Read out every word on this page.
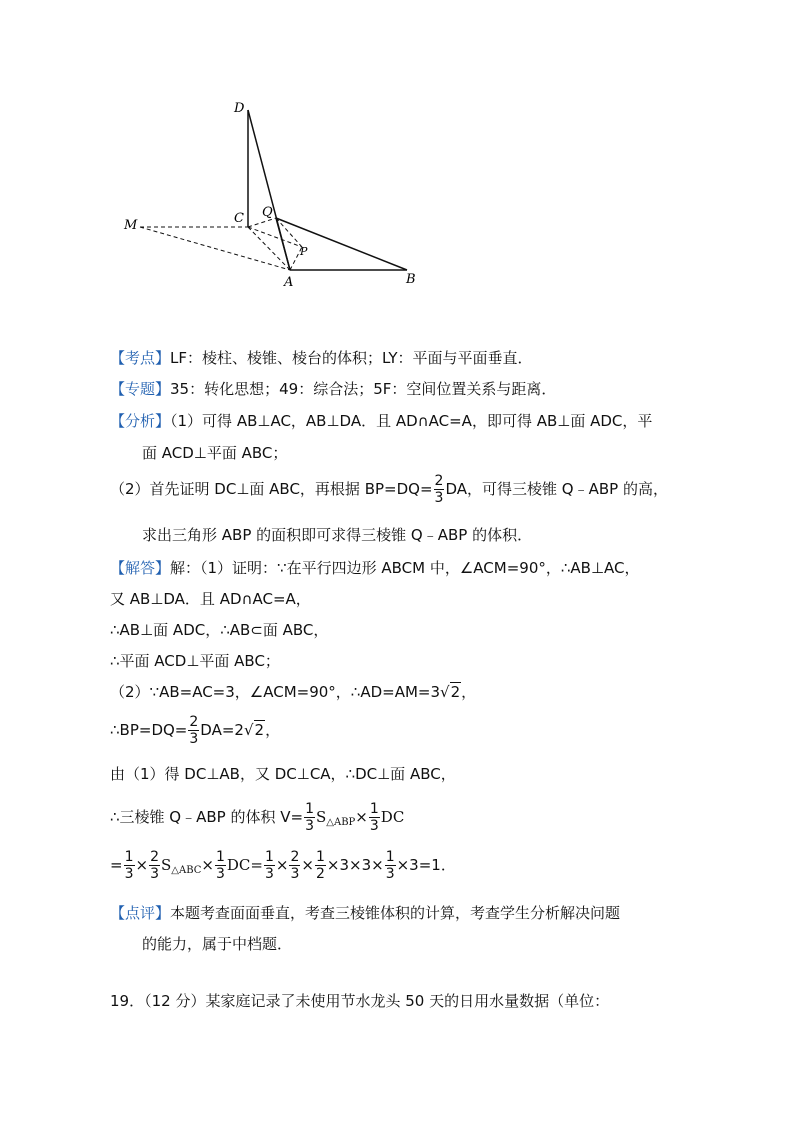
D
C Q
M
P
A	B
【考点】LF：棱柱、棱锥、棱台的体积；LY：平面与平面垂直．
【专题】35：转化思想；49：综合法；5F：空间位置关系与距离．
【分析】（1）可得 AB⊥AC，AB⊥DA．且 AD∩AC=A，即可得 AB⊥面 ADC，平
面 ACD⊥平面 ABC；
（2）首先证明 DC⊥面 ABC，再根据 $BP=DQ= \frac{2}{3}$ DA，可得三棱锥 Q﹣ABP 的高，
求出三角形 ABP 的面积即可求得三棱锥 Q﹣ABP 的体积．
【解答】解：（1）证明：∵在平行四边形 ABCM 中，∠ACM=90°，∴AB⊥AC，
又 AB⊥DA．且 AD∩AC=A，
∴AB⊥面 ADC，∴AB⊂面 ABC，
∴平面 ACD⊥平面 ABC；
（2）∵AB=AC=3，∠ACM=90°，∴AD=AM=3√2，
∴BP=DQ= $\frac{2}{3} DA=2√2$，
由（1）得 DC⊥AB，又 DC⊥CA，∴DC⊥面 ABC，
∴三棱锥 Q﹣ABP 的体积 $V= \frac{1}{3} S_{\triangle ABP}\times \frac{1}{3}$ DC
= $\frac{1}{3} \times \frac{2}{3} S_{\triangle ABC}\times \frac{1}{3} DC= \frac{1}{3} \times \frac{2}{3} \times \frac{1}{2} \times 3\times 3\times \frac{1}{3} \times 3=1$．
【点评】本题考查面面垂直，考查三棱锥体积的计算，考查学生分析解决问题
的能力，属于中档题．
19．（12 分）某家庭记录了未使用节水龙头 50 天的日用水量数据（单位：
